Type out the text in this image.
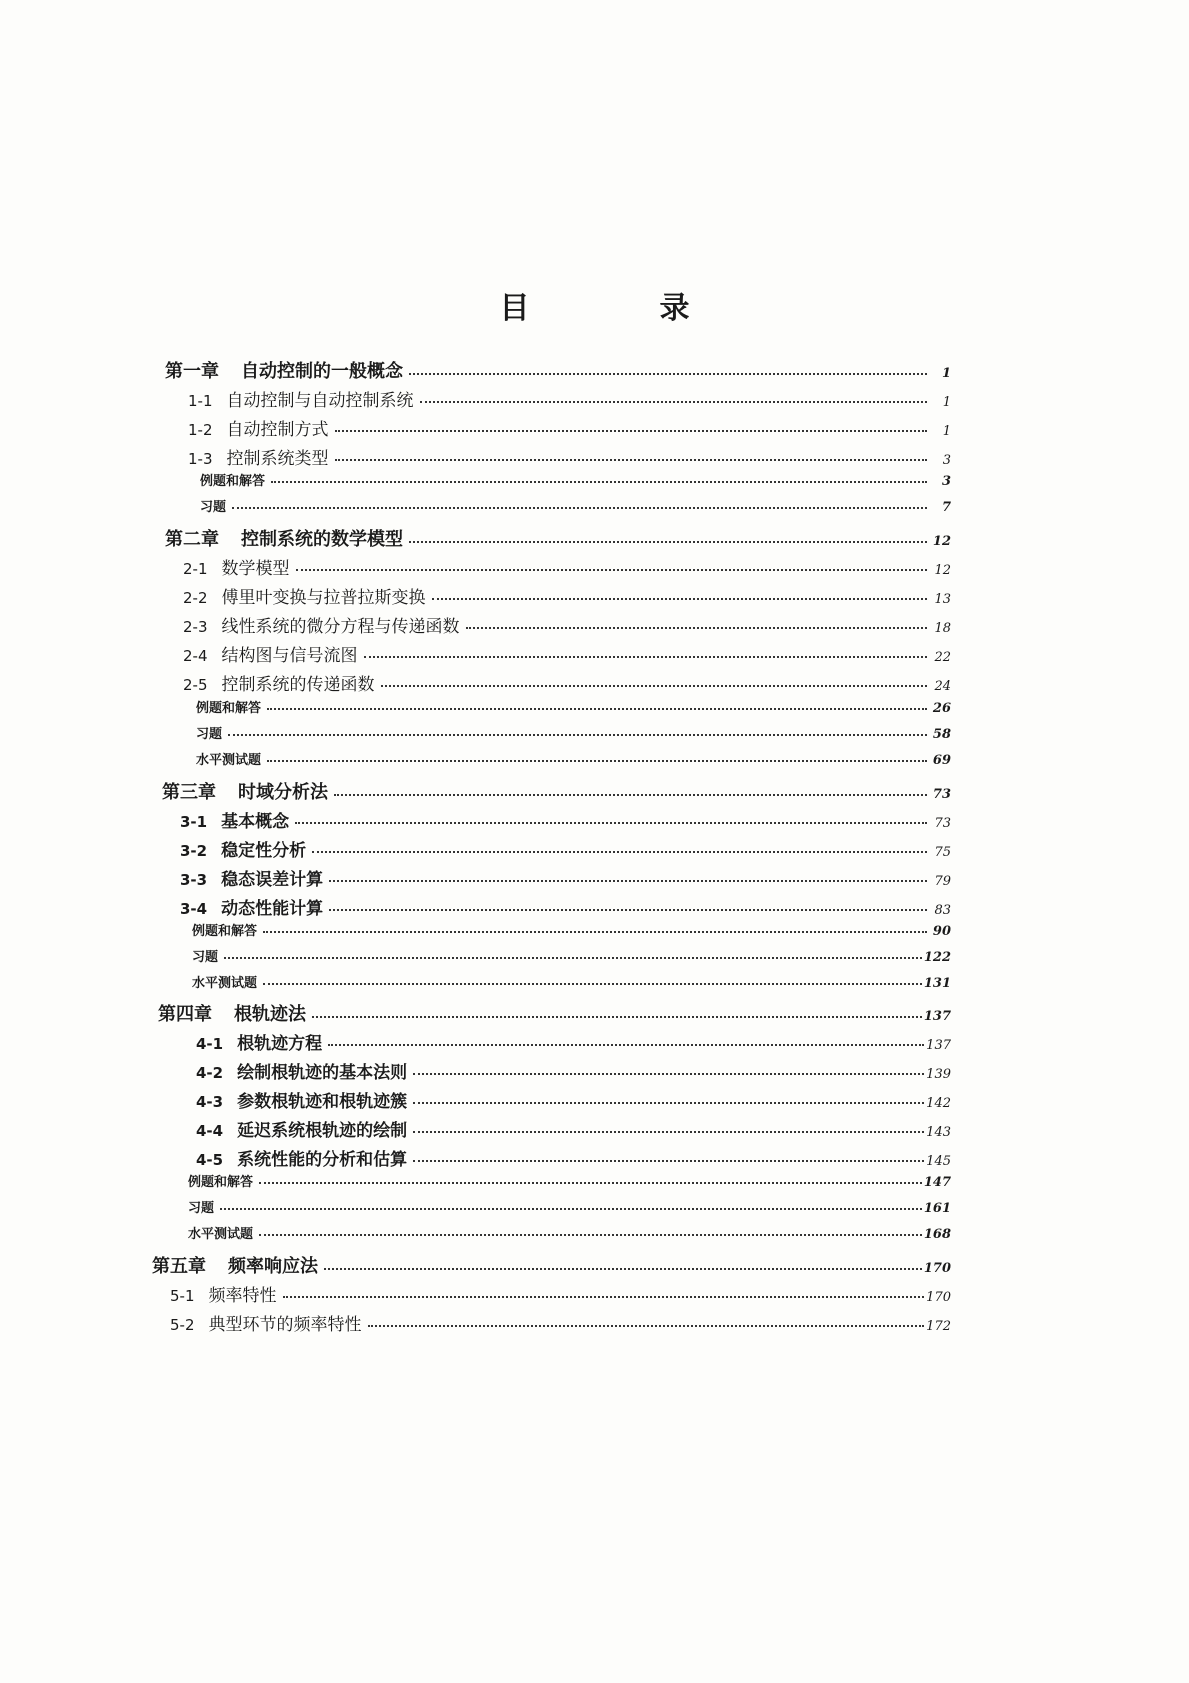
目　录
第一章 自动控制的一般概念	1
1-1 自动控制与自动控制系统	1
1-2 自动控制方式	1
1-3 控制系统类型	3
例题和解答	3
习题	7
第二章 控制系统的数学模型	12
2-1 数学模型	12
2-2 傅里叶变换与拉普拉斯变换	13
2-3 线性系统的微分方程与传递函数	18
2-4 结构图与信号流图	22
2-5 控制系统的传递函数	24
例题和解答	26
习题	58
水平测试题	69
第三章 时域分析法	73
3-1 基本概念	73
3-2 稳定性分析	75
3-3 稳态误差计算	79
3-4 动态性能计算	83
例题和解答	90
习题	122
水平测试题	131
第四章 根轨迹法	137
4-1 根轨迹方程	137
4-2 绘制根轨迹的基本法则	139
4-3 参数根轨迹和根轨迹簇	142
4-4 延迟系统根轨迹的绘制	143
4-5 系统性能的分析和估算	145
例题和解答	147
习题	161
水平测试题	168
第五章 频率响应法	170
5-1 频率特性	170
5-2 典型环节的频率特性	172
